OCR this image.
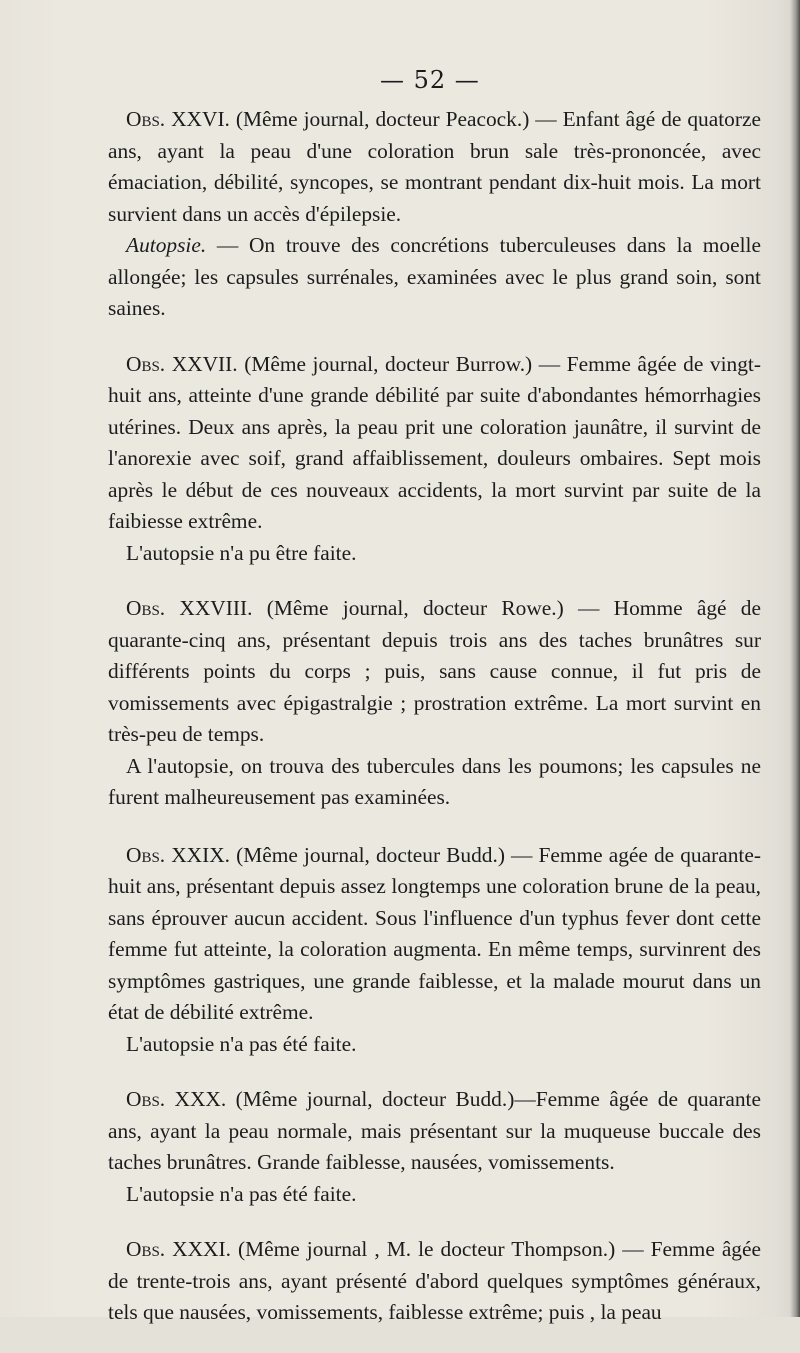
— 52 —

Obs. XXVI. (Même journal, docteur Peacock.) — Enfant âgé de quatorze ans, ayant la peau d'une coloration brun sale très-prononcée, avec émaciation, débilité, syncopes, se montrant pendant dix-huit mois. La mort survient dans un accès d'épilepsie.

Autopsie. — On trouve des concrétions tuberculeuses dans la moelle allongée; les capsules surrénales, examinées avec le plus grand soin, sont saines.

Obs. XXVII. (Même journal, docteur Burrow.) — Femme âgée de vingt-huit ans, atteinte d'une grande débilité par suite d'abondantes hémorrhagies utérines. Deux ans après, la peau prit une coloration jaunâtre, il survint de l'anorexie avec soif, grand affaiblissement, douleurs ombaires. Sept mois après le début de ces nouveaux accidents, la mort survint par suite de la faibiesse extrême.

L'autopsie n'a pu être faite.

Obs. XXVIII. (Même journal, docteur Rowe.) — Homme âgé de quarante-cinq ans, présentant depuis trois ans des taches brunâtres sur différents points du corps ; puis, sans cause connue, il fut pris de vomissements avec épigastralgie ; prostration extrême. La mort survint en très-peu de temps.

A l'autopsie, on trouva des tubercules dans les poumons; les capsules ne furent malheureusement pas examinées.

Obs. XXIX. (Même journal, docteur Budd.) — Femme agée de quarante-huit ans, présentant depuis assez longtemps une coloration brune de la peau, sans éprouver aucun accident. Sous l'influence d'un typhus fever dont cette femme fut atteinte, la coloration augmenta. En même temps, survinrent des symptômes gastriques, une grande faiblesse, et la malade mourut dans un état de débilité extrême.

L'autopsie n'a pas été faite.

Obs. XXX. (Même journal, docteur Budd.)—Femme âgée de quarante ans, ayant la peau normale, mais présentant sur la muqueuse buccale des taches brunâtres. Grande faiblesse, nausées, vomissements.

L'autopsie n'a pas été faite.

Obs. XXXI. (Même journal , M. le docteur Thompson.) — Femme âgée de trente-trois ans, ayant présenté d'abord quelques symptômes généraux, tels que nausées, vomissements, faiblesse extrême; puis , la peau
